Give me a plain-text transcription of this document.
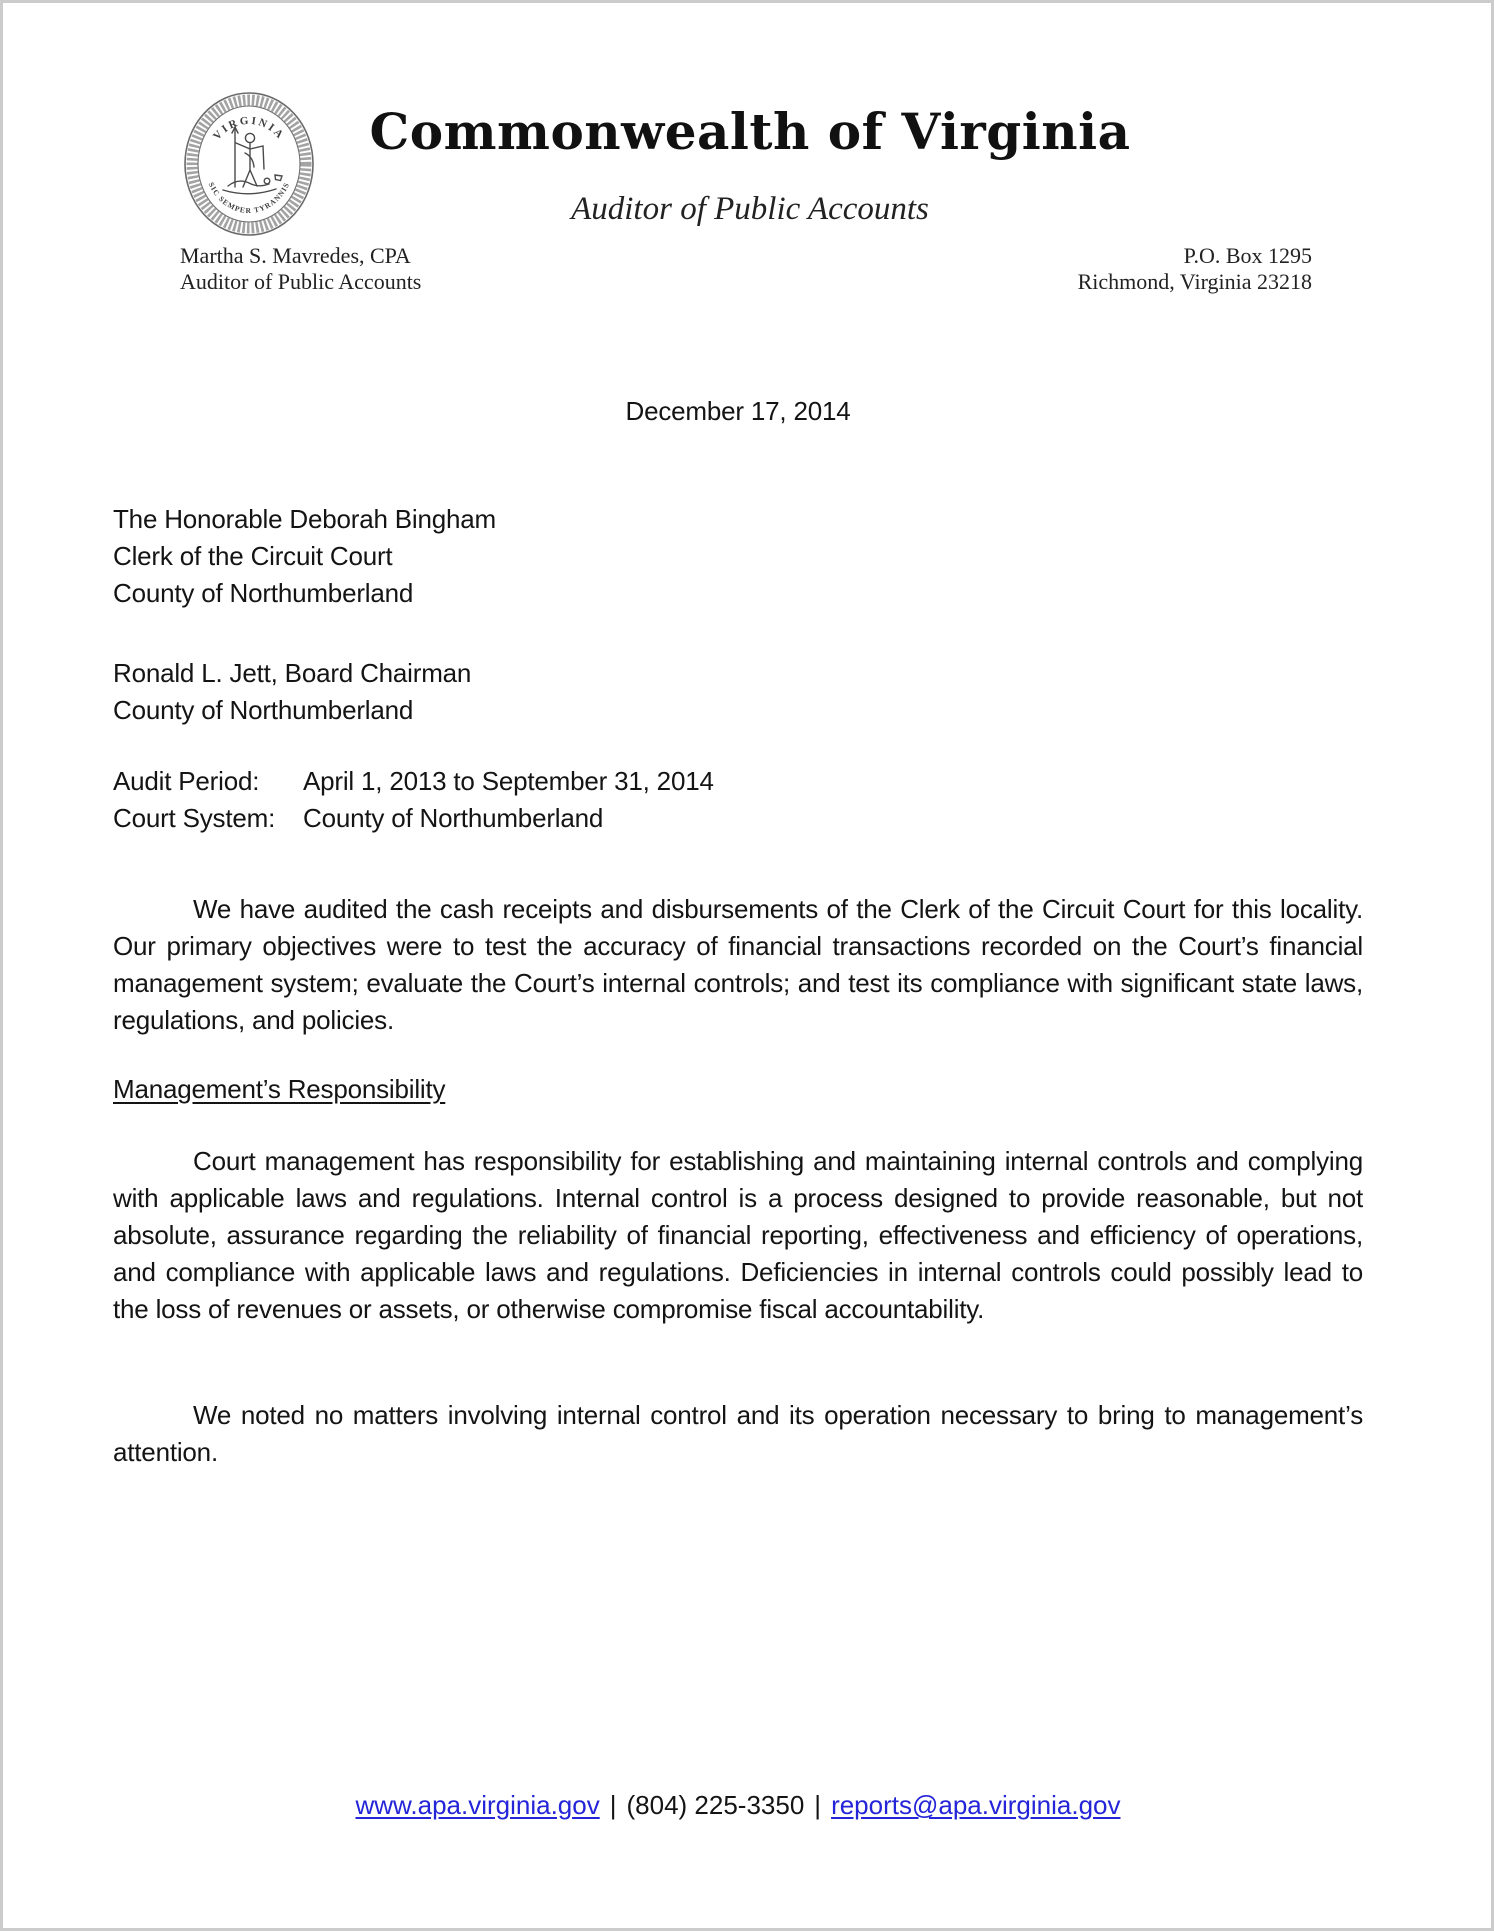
VIRGINIA
SIC SEMPER TYRANNIS
Commonwealth of Virginia
Auditor of Public Accounts
Martha S. Mavredes, CPA
Auditor of Public Accounts
P.O. Box 1295
Richmond, Virginia 23218
December 17, 2014
The Honorable Deborah Bingham
Clerk of the Circuit Court
County of Northumberland
Ronald L. Jett, Board Chairman
County of Northumberland
Audit Period:	April 1, 2013 to September 31, 2014
Court System:	County of Northumberland
We have audited the cash receipts and disbursements of the Clerk of the Circuit Court for this locality. Our primary objectives were to test the accuracy of financial transactions recorded on the Court’s financial management system; evaluate the Court’s internal controls; and test its compliance with significant state laws, regulations, and policies.
Management’s Responsibility
Court management has responsibility for establishing and maintaining internal controls and complying with applicable laws and regulations. Internal control is a process designed to provide reasonable, but not absolute, assurance regarding the reliability of financial reporting, effectiveness and efficiency of operations, and compliance with applicable laws and regulations. Deficiencies in internal controls could possibly lead to the loss of revenues or assets, or otherwise compromise fiscal accountability.
We noted no matters involving internal control and its operation necessary to bring to management’s attention.
www.apa.virginia.gov | (804) 225-3350 | reports@apa.virginia.gov
